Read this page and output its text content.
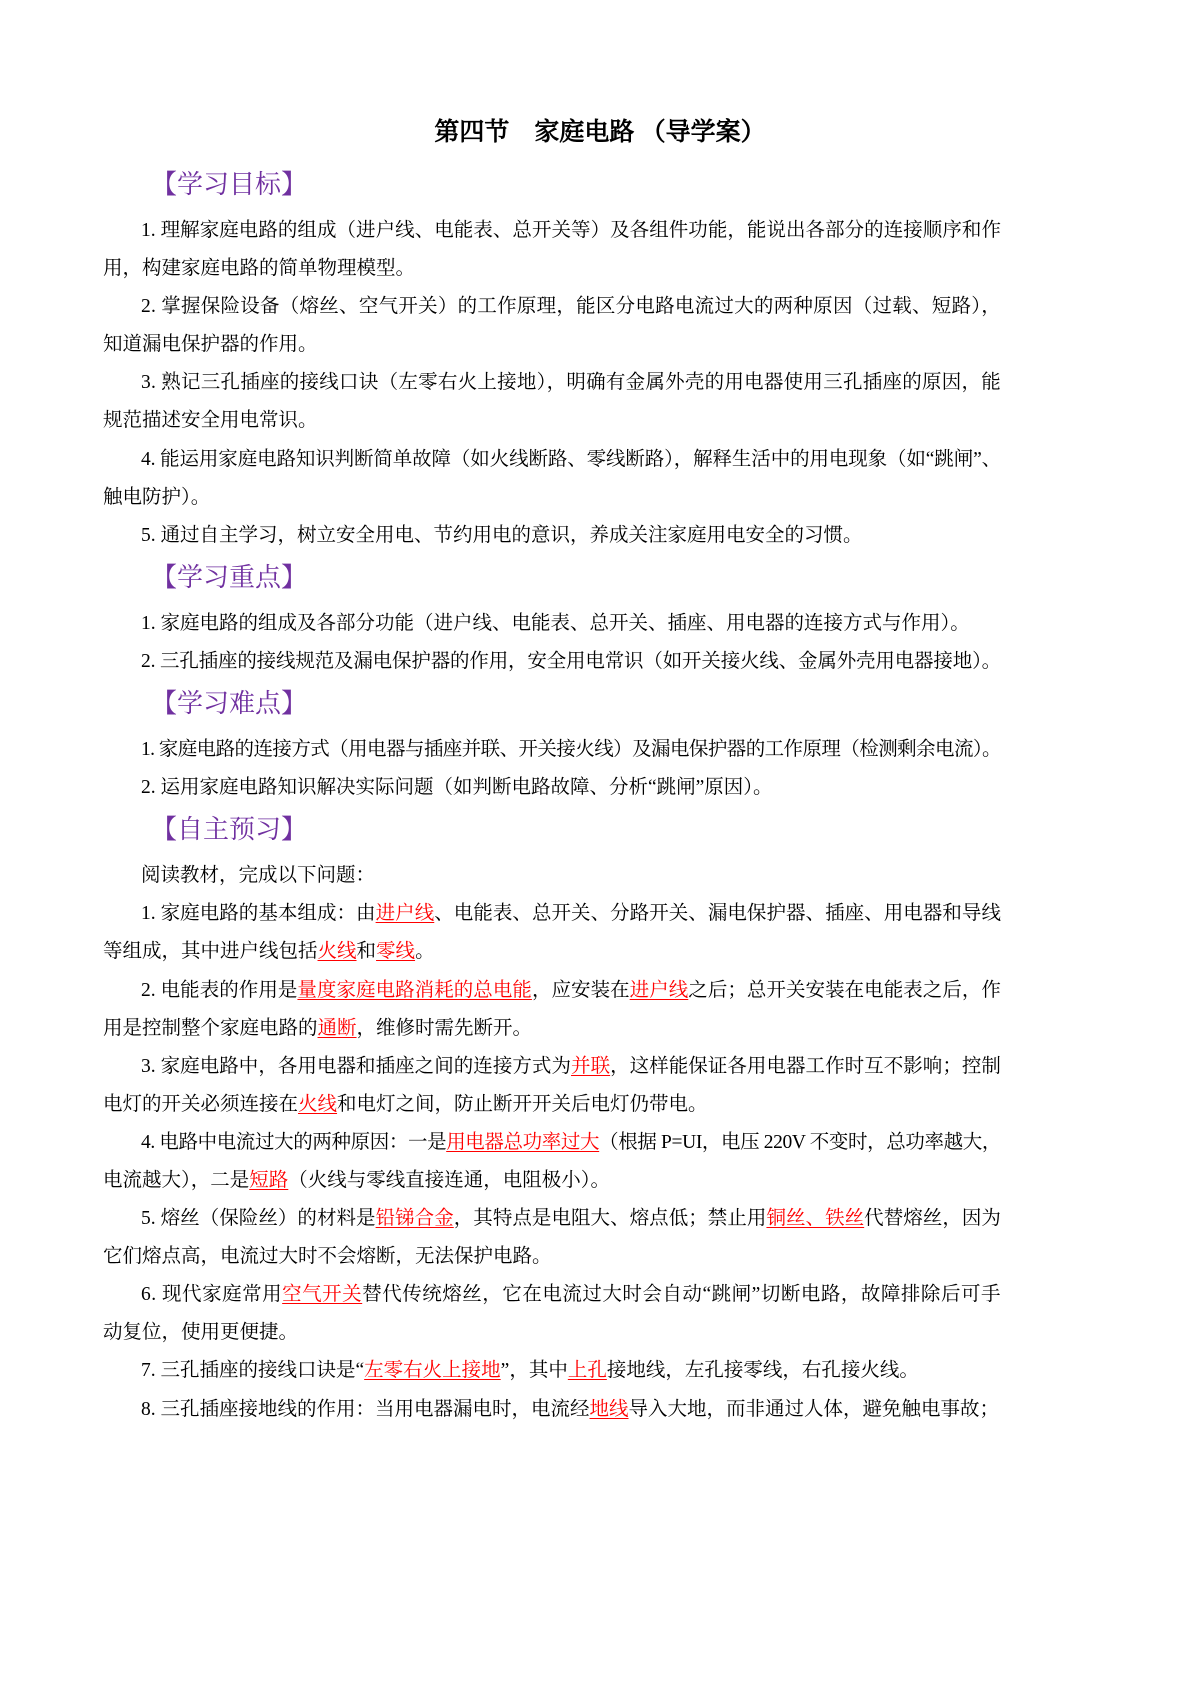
第四节　家庭电路 （导学案）
【学习目标】
1. 理解家庭电路的组成（进户线、电能表、总开关等）及各组件功能，能说出各部分的连接顺序和作
用，构建家庭电路的简单物理模型。
2. 掌握保险设备（熔丝、空气开关）的工作原理，能区分电路电流过大的两种原因（过载、短路），
知道漏电保护器的作用。
3. 熟记三孔插座的接线口诀（左零右火上接地），明确有金属外壳的用电器使用三孔插座的原因，能
规范描述安全用电常识。
4. 能运用家庭电路知识判断简单故障（如火线断路、零线断路），解释生活中的用电现象（如“跳闸”、
触电防护）。
5. 通过自主学习，树立安全用电、节约用电的意识，养成关注家庭用电安全的习惯。
【学习重点】
1. 家庭电路的组成及各部分功能（进户线、电能表、总开关、插座、用电器的连接方式与作用）。
2. 三孔插座的接线规范及漏电保护器的作用，安全用电常识（如开关接火线、金属外壳用电器接地）。
【学习难点】
1. 家庭电路的连接方式（用电器与插座并联、开关接火线）及漏电保护器的工作原理（检测剩余电流）。
2. 运用家庭电路知识解决实际问题（如判断电路故障、分析“跳闸”原因）。
【自主预习】
阅读教材，完成以下问题：
1. 家庭电路的基本组成：由进户线、电能表、总开关、分路开关、漏电保护器、插座、用电器和导线
等组成，其中进户线包括火线和零线。
2. 电能表的作用是量度家庭电路消耗的总电能，应安装在进户线之后；总开关安装在电能表之后，作
用是控制整个家庭电路的通断，维修时需先断开。
3. 家庭电路中，各用电器和插座之间的连接方式为并联，这样能保证各用电器工作时互不影响；控制
电灯的开关必须连接在火线和电灯之间，防止断开开关后电灯仍带电。
4. 电路中电流过大的两种原因：一是用电器总功率过大（根据 P=UI，电压 220V 不变时，总功率越大，
电流越大），二是短路（火线与零线直接连通，电阻极小）。
5. 熔丝（保险丝）的材料是铅锑合金，其特点是电阻大、熔点低；禁止用铜丝、铁丝代替熔丝，因为
它们熔点高，电流过大时不会熔断，无法保护电路。
6. 现代家庭常用空气开关替代传统熔丝，它在电流过大时会自动“跳闸”切断电路，故障排除后可手
动复位，使用更便捷。
7. 三孔插座的接线口诀是“左零右火上接地”，其中上孔接地线，左孔接零线，右孔接火线。
8. 三孔插座接地线的作用：当用电器漏电时，电流经地线导入大地，而非通过人体，避免触电事故；
